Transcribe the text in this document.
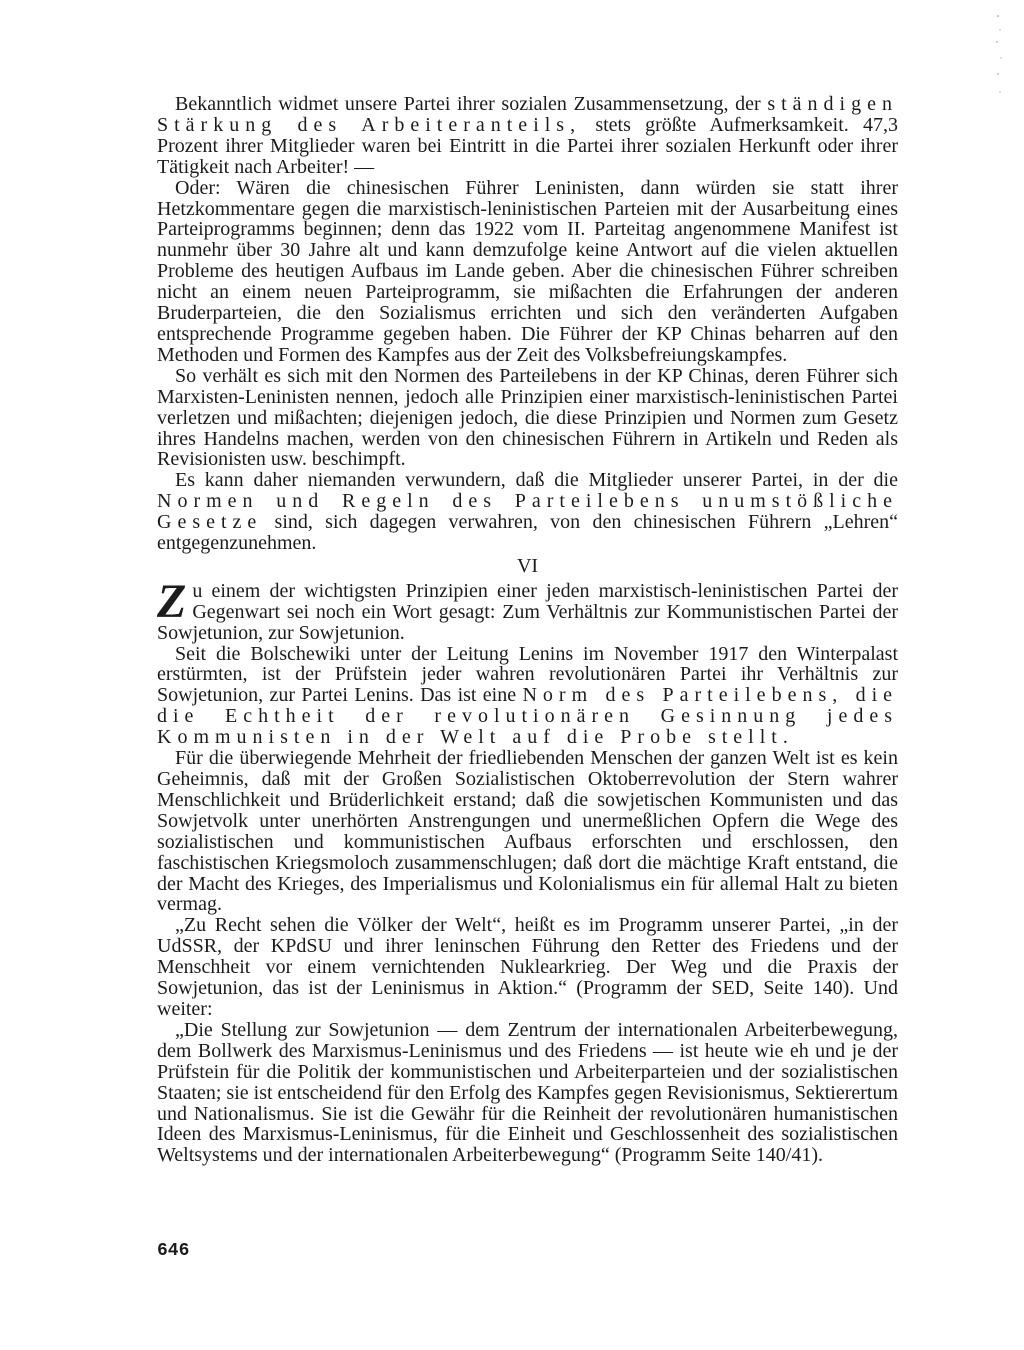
Bekanntlich widmet unsere Partei ihrer sozialen Zusammensetzung, der ständigen Stärkung des Arbeiteranteils, stets größte Aufmerksamkeit. 47,3 Prozent ihrer Mitglieder waren bei Eintritt in die Partei ihrer sozialen Herkunft oder ihrer Tätigkeit nach Arbeiter! —

Oder: Wären die chinesischen Führer Leninisten, dann würden sie statt ihrer Hetzkommentare gegen die marxistisch-leninistischen Parteien mit der Ausarbeitung eines Parteiprogramms beginnen; denn das 1922 vom II. Parteitag angenommene Manifest ist nunmehr über 30 Jahre alt und kann demzufolge keine Antwort auf die vielen aktuellen Probleme des heutigen Aufbaus im Lande geben. Aber die chinesischen Führer schreiben nicht an einem neuen Parteiprogramm, sie mißachten die Erfahrungen der anderen Bruderparteien, die den Sozialismus errichten und sich den veränderten Aufgaben entsprechende Programme gegeben haben. Die Führer der KP Chinas beharren auf den Methoden und Formen des Kampfes aus der Zeit des Volksbefreiungskampfes.

So verhält es sich mit den Normen des Parteilebens in der KP Chinas, deren Führer sich Marxisten-Leninisten nennen, jedoch alle Prinzipien einer marxistisch-leninistischen Partei verletzen und mißachten; diejenigen jedoch, die diese Prinzipien und Normen zum Gesetz ihres Handelns machen, werden von den chinesischen Führern in Artikeln und Reden als Revisionisten usw. beschimpft.

Es kann daher niemanden verwundern, daß die Mitglieder unserer Partei, in der die Normen und Regeln des Parteilebens unumstößliche Gesetze sind, sich dagegen verwahren, von den chinesischen Führern „Lehren“ entgegenzunehmen.

VI

Zu einem der wichtigsten Prinzipien einer jeden marxistisch-leninistischen Partei der Gegenwart sei noch ein Wort gesagt: Zum Verhältnis zur Kommunistischen Partei der Sowjetunion, zur Sowjetunion.

Seit die Bolschewiki unter der Leitung Lenins im November 1917 den Winterpalast erstürmten, ist der Prüfstein jeder wahren revolutionären Partei ihr Verhältnis zur Sowjetunion, zur Partei Lenins. Das ist eine Norm des Parteilebens, die die Echtheit der revolutionären Gesinnung jedes Kommunisten in der Welt auf die Probe stellt.

Für die überwiegende Mehrheit der friedliebenden Menschen der ganzen Welt ist es kein Geheimnis, daß mit der Großen Sozialistischen Oktoberrevolution der Stern wahrer Menschlichkeit und Brüderlichkeit erstand; daß die sowjetischen Kommunisten und das Sowjetvolk unter unerhörten Anstrengungen und unermeßlichen Opfern die Wege des sozialistischen und kommunistischen Aufbaus erforschten und erschlossen, den faschistischen Kriegsmoloch zusammenschlugen; daß dort die mächtige Kraft entstand, die der Macht des Krieges, des Imperialismus und Kolonialismus ein für allemal Halt zu bieten vermag.

„Zu Recht sehen die Völker der Welt“, heißt es im Programm unserer Partei, „in der UdSSR, der KPdSU und ihrer leninschen Führung den Retter des Friedens und der Menschheit vor einem vernichtenden Nuklearkrieg. Der Weg und die Praxis der Sowjetunion, das ist der Leninismus in Aktion.“ (Programm der SED, Seite 140). Und weiter:

„Die Stellung zur Sowjetunion — dem Zentrum der internationalen Arbeiterbewegung, dem Bollwerk des Marxismus-Leninismus und des Friedens — ist heute wie eh und je der Prüfstein für die Politik der kommunistischen und Arbeiterparteien und der sozialistischen Staaten; sie ist entscheidend für den Erfolg des Kampfes gegen Revisionismus, Sektierertum und Nationalismus. Sie ist die Gewähr für die Reinheit der revolutionären humanistischen Ideen des Marxismus-Leninismus, für die Einheit und Geschlossenheit des sozialistischen Weltsystems und der internationalen Arbeiterbewegung“ (Programm Seite 140/41).

646
